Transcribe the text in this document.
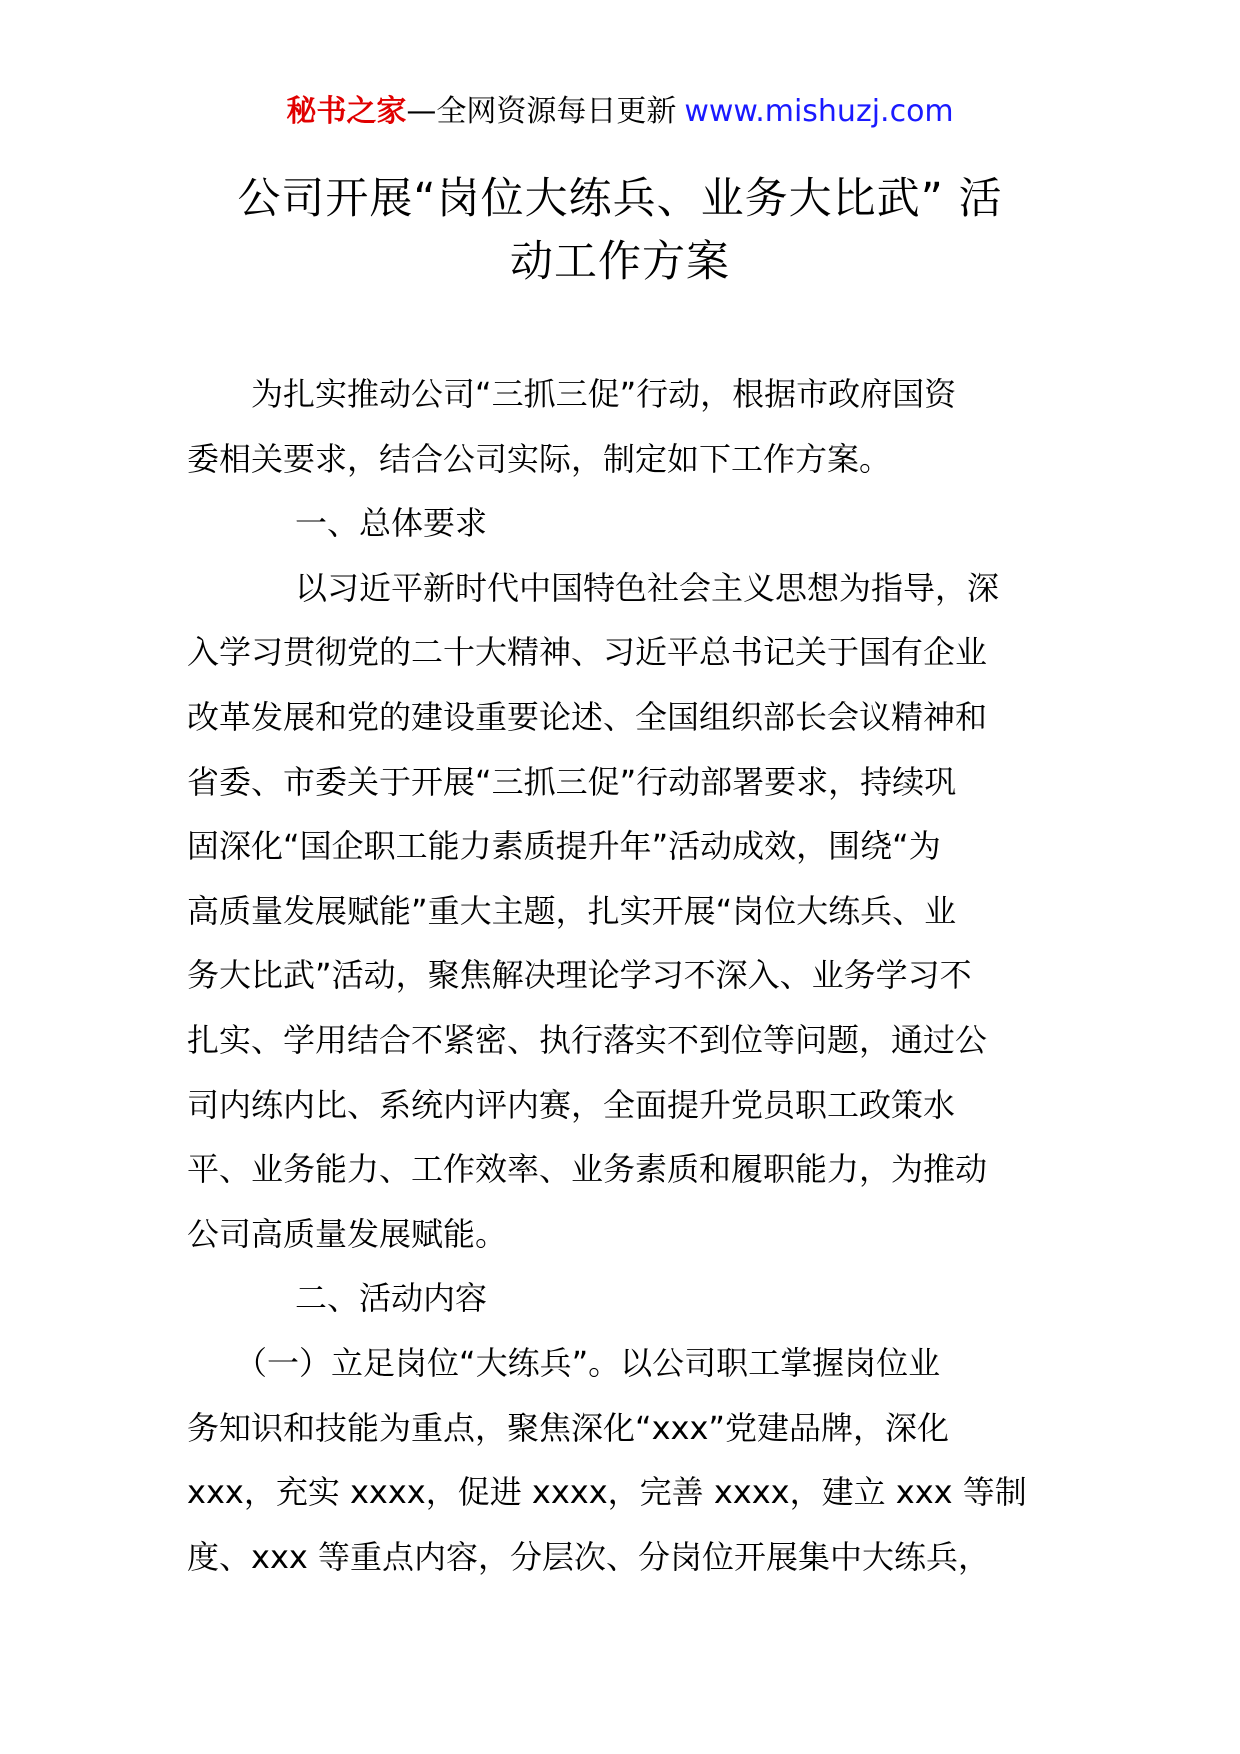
秘书之家—全网资源每日更新 www.mishuzj.com
公司开展“岗位大练兵、业务大比武” 活
动工作方案
为扎实推动公司“三抓三促”行动，根据市政府国资
委相关要求，结合公司实际，制定如下工作方案。
一、总体要求
以习近平新时代中国特色社会主义思想为指导，深
入学习贯彻党的二十大精神、习近平总书记关于国有企业
改革发展和党的建设重要论述、全国组织部长会议精神和
省委、市委关于开展“三抓三促”行动部署要求，持续巩
固深化“国企职工能力素质提升年”活动成效，围绕“为
高质量发展赋能”重大主题，扎实开展“岗位大练兵、业
务大比武”活动，聚焦解决理论学习不深入、业务学习不
扎实、学用结合不紧密、执行落实不到位等问题，通过公
司内练内比、系统内评内赛，全面提升党员职工政策水
平、业务能力、工作效率、业务素质和履职能力，为推动
公司高质量发展赋能。
二、活动内容
（一）立足岗位“大练兵”。以公司职工掌握岗位业
务知识和技能为重点，聚焦深化“xxx”党建品牌，深化
xxx，充实 xxxx，促进 xxxx，完善 xxxx，建立 xxx 等制
度、xxx 等重点内容，分层次、分岗位开展集中大练兵，
